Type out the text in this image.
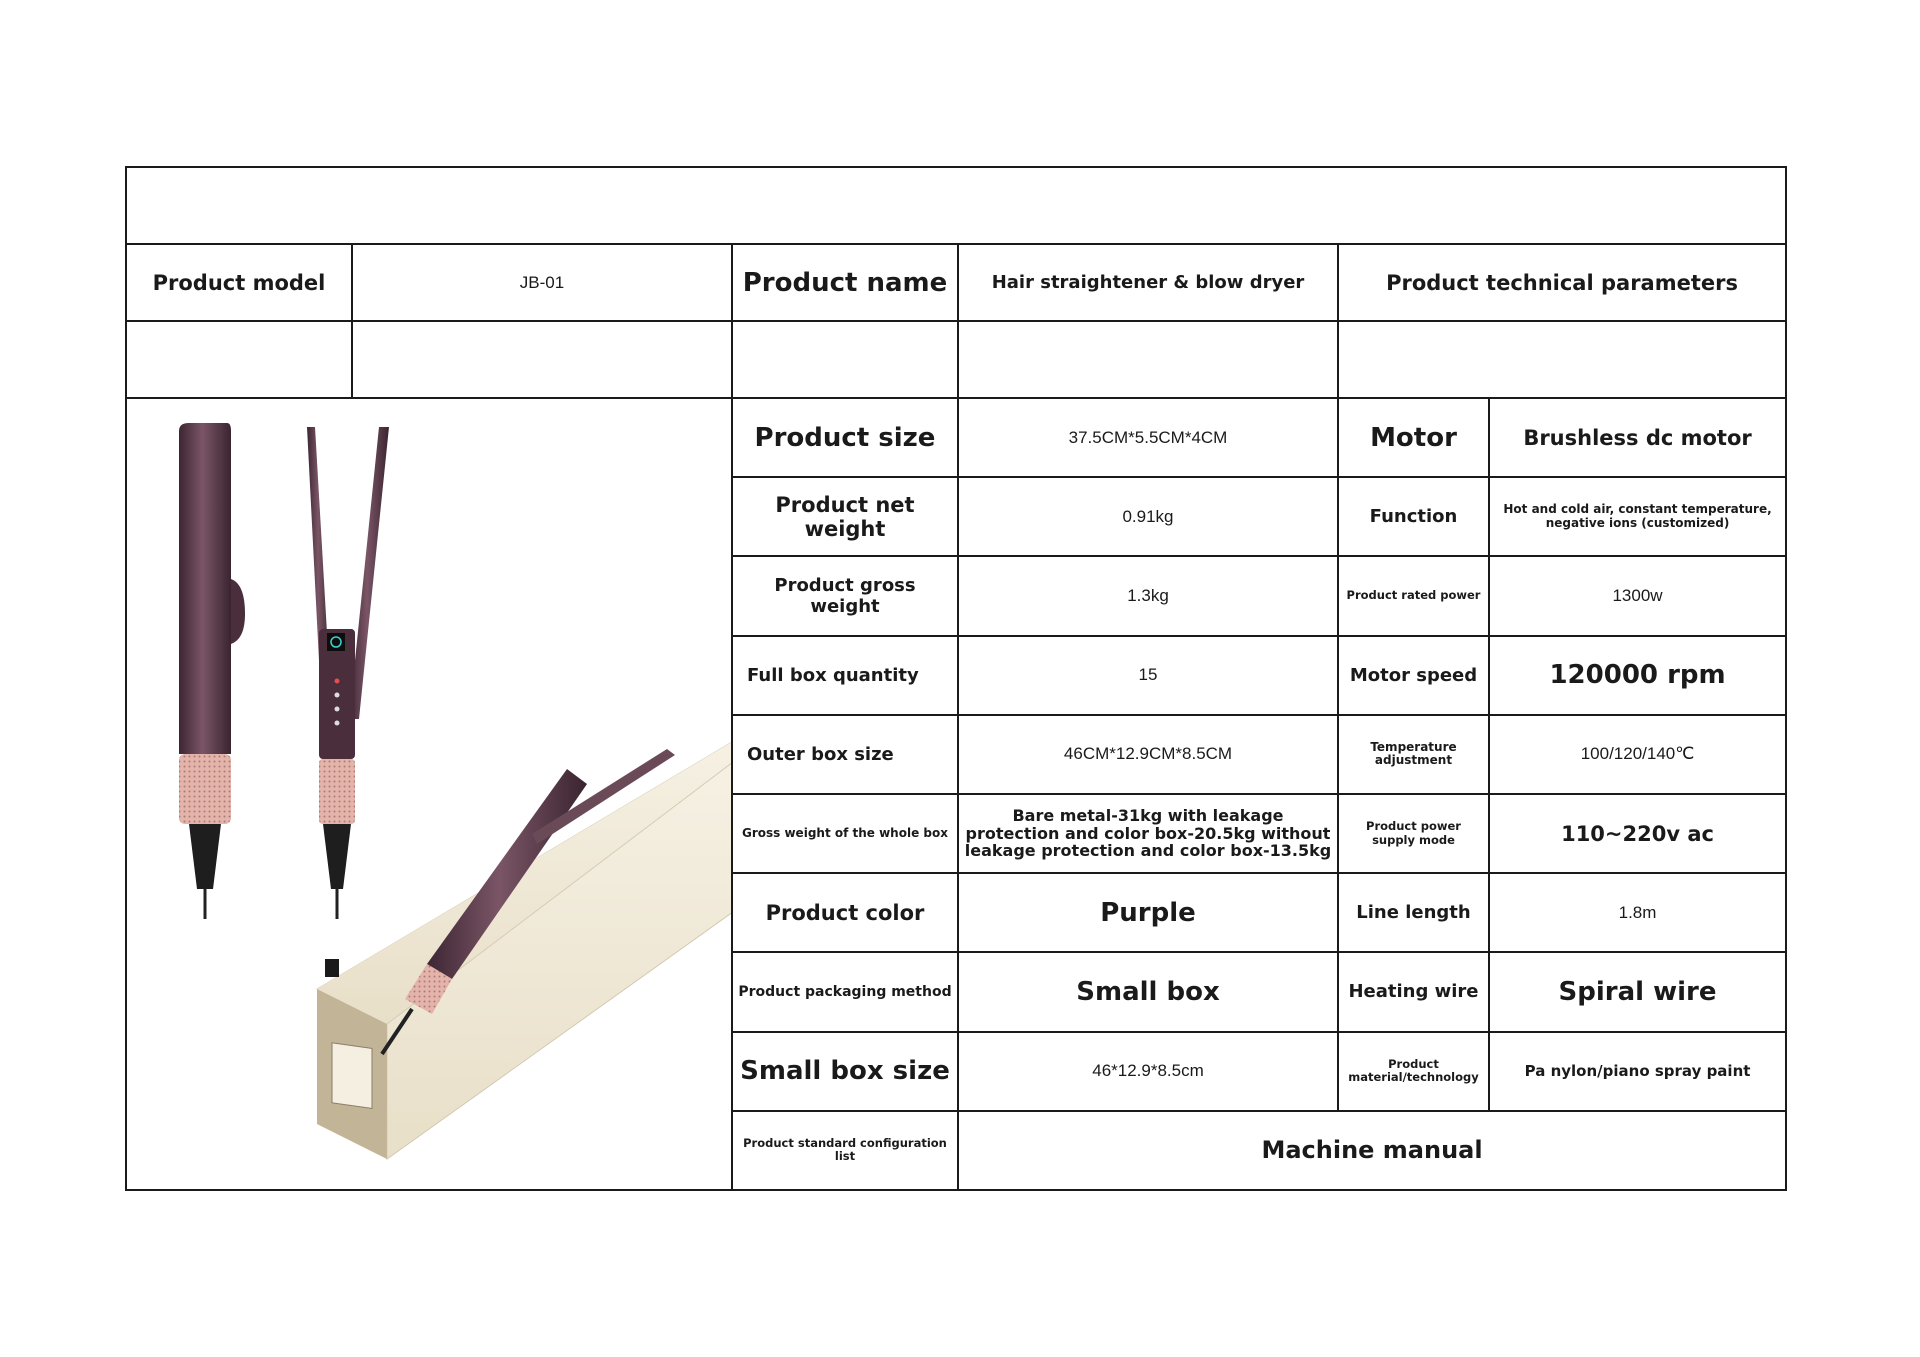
Product model	JB-01	Product name	Hair straightener & blow dryer	Product technical parameters	

	Product size	37.5CM*5.5CM*4CM	Motor	Brushless dc motor
		Product net weight	0.91kg	Function	Hot and cold air, constant temperature, negative ions (customized)
		Product gross weight	1.3kg	Product rated power	1300w
		Full box quantity	15	Motor speed	120000 rpm
		Outer box size	46CM*12.9CM*8.5CM	Temperature adjustment	100/120/140℃
		Gross weight of the whole box	Bare metal-31kg with leakage protection and color box-20.5kg without leakage protection and color box-13.5kg	Product power supply mode	110~220v ac
		Product color	Purple	Line length	1.8m
		Product packaging method	Small box	Heating wire	Spiral wire
		Small box size	46*12.9*8.5cm	Product material/technology	Pa nylon/piano spray paint
		Product standard configuration list	Machine manual		
